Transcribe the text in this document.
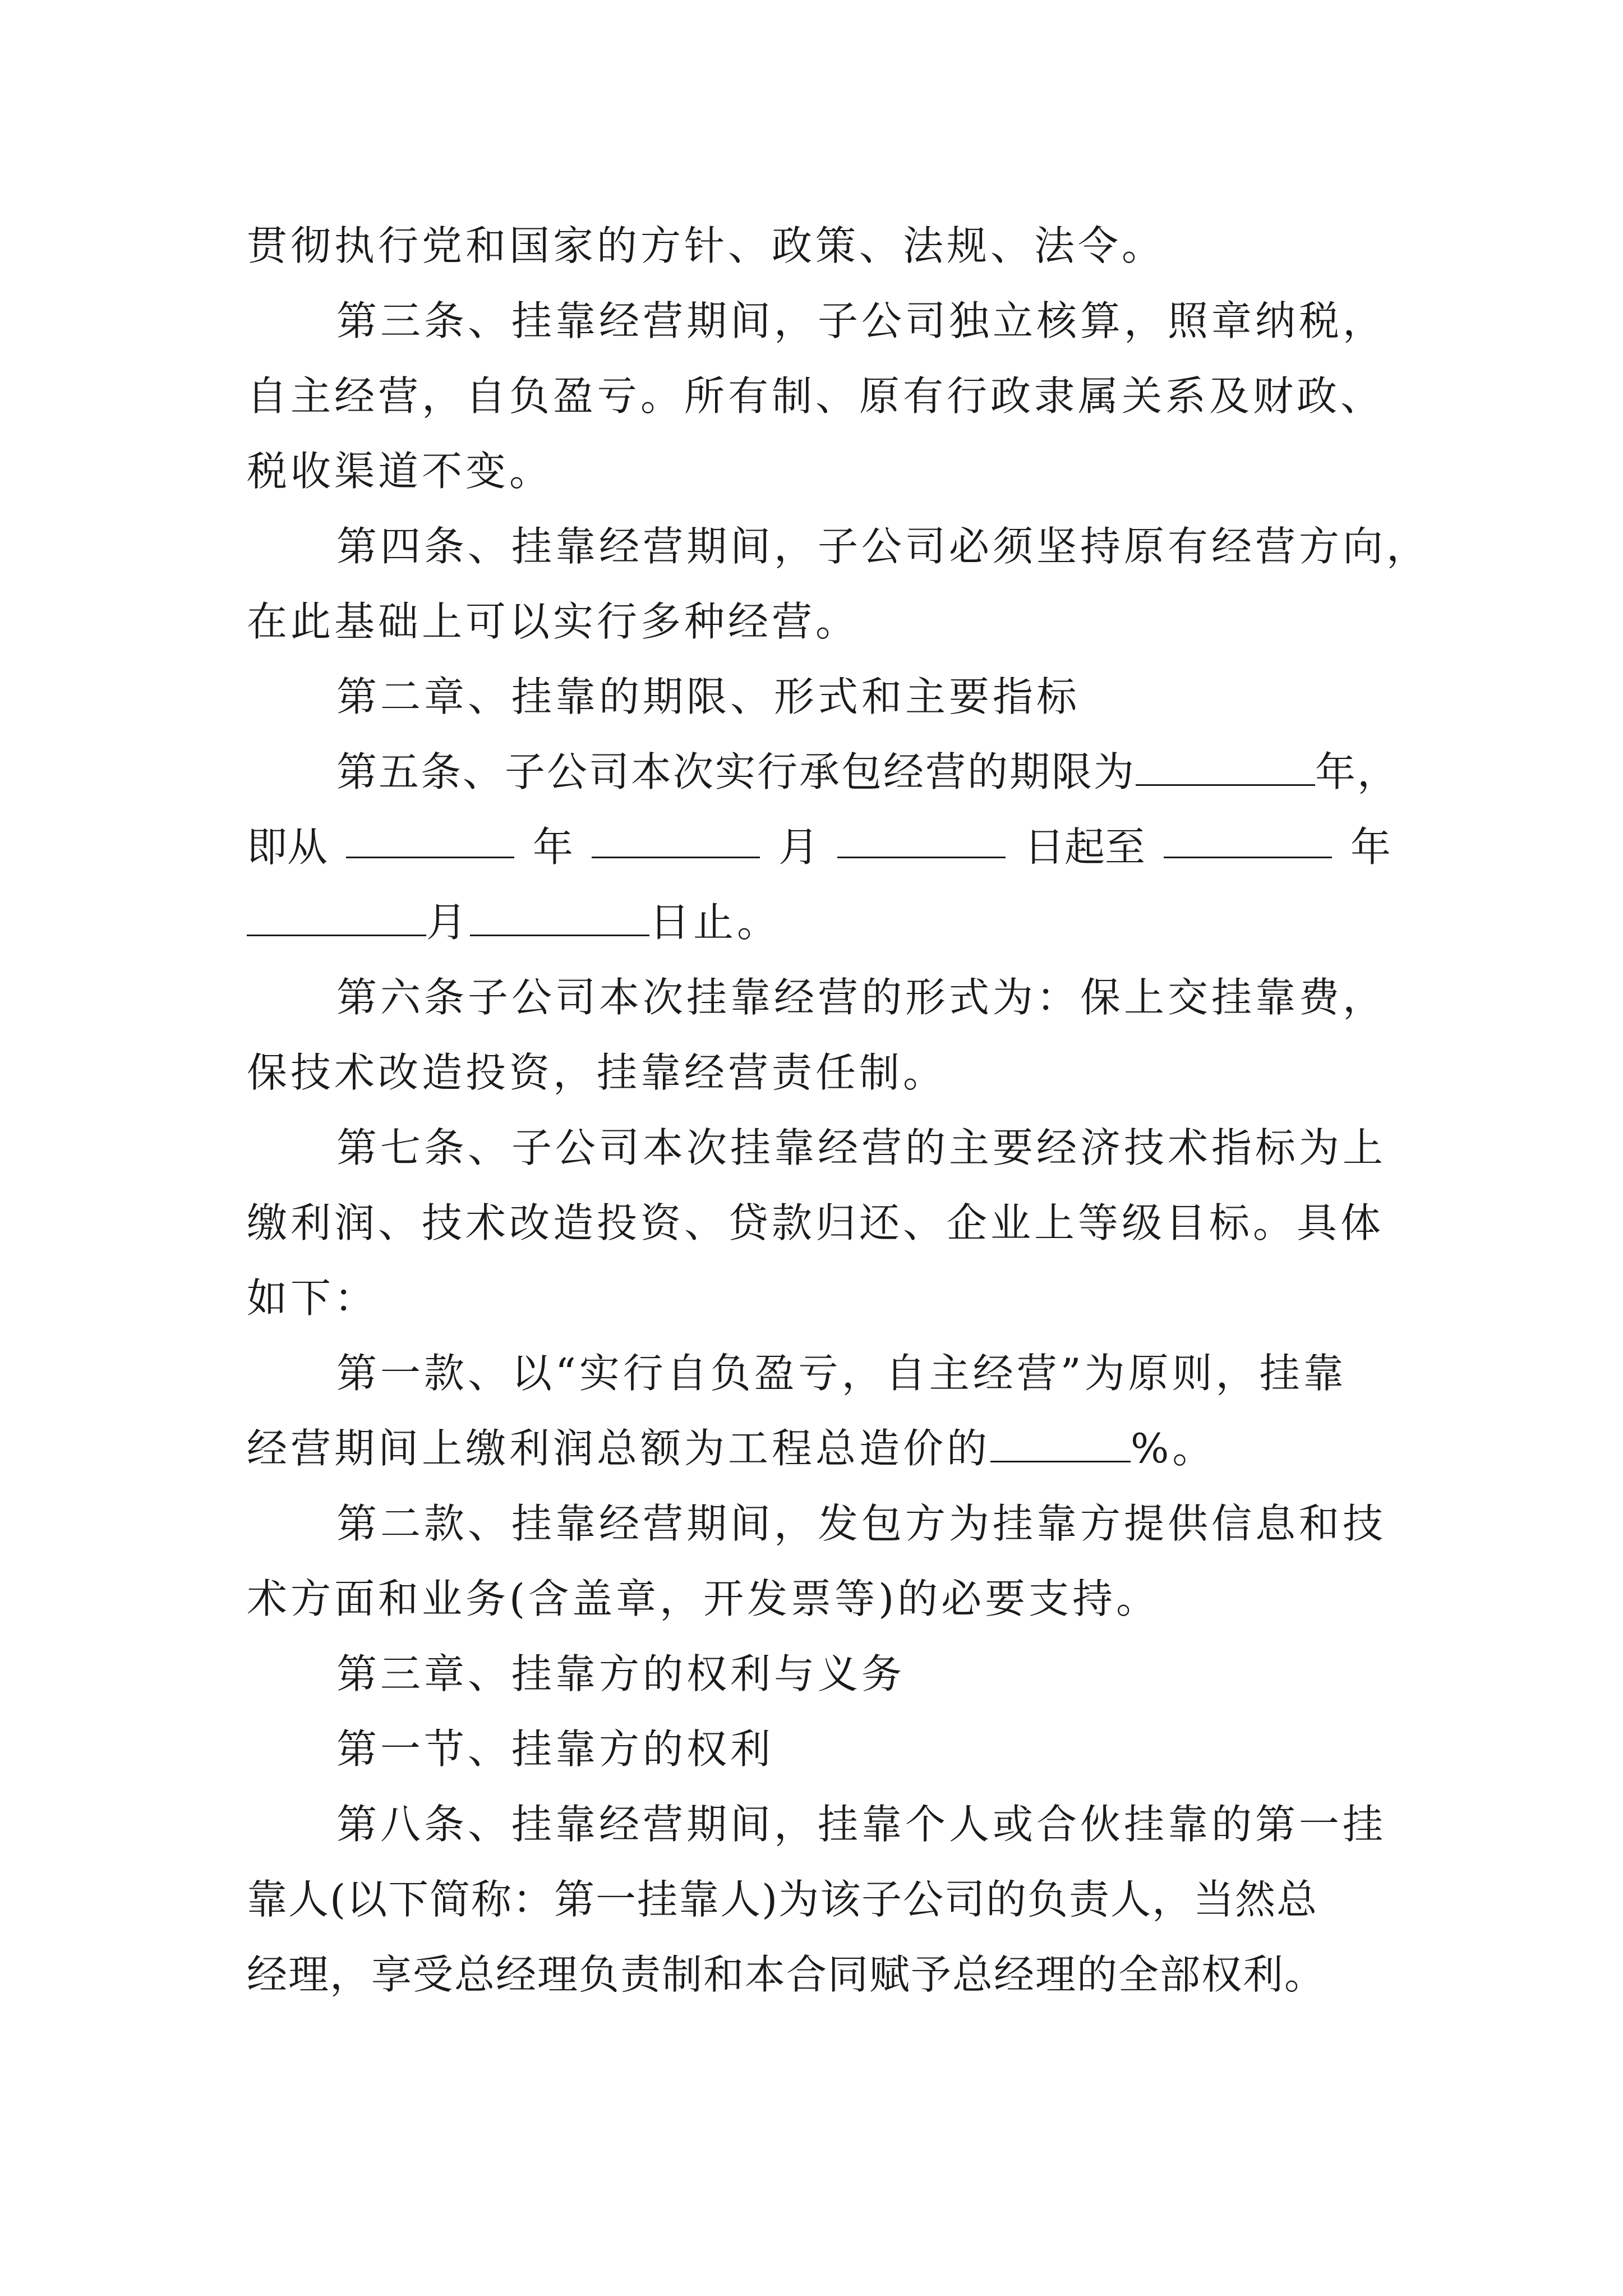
贯彻执行党和国家的方针、政策、法规、法令。
第三条、挂靠经营期间，子公司独立核算，照章纳税，
自主经营，自负盈亏。所有制、原有行政隶属关系及财政、
税收渠道不变。
第四条、挂靠经营期间，子公司必须坚持原有经营方向，
在此基础上可以实行多种经营。
第二章、挂靠的期限、形式和主要指标
第五条、子公司本次实行承包经营的期限为	年，
即从	年	月	日起至	年
月	日止。
第六条子公司本次挂靠经营的形式为：保上交挂靠费，
保技术改造投资，挂靠经营责任制。
第七条、子公司本次挂靠经营的主要经济技术指标为上
缴利润、技术改造投资、贷款归还、企业上等级目标。具体
如下：
第一款、以“实行自负盈亏，自主经营”为原则，挂靠
经营期间上缴利润总额为工程总造价的	%。
第二款、挂靠经营期间，发包方为挂靠方提供信息和技
术方面和业务(含盖章，开发票等)的必要支持。
第三章、挂靠方的权利与义务
第一节、挂靠方的权利
第八条、挂靠经营期间，挂靠个人或合伙挂靠的第一挂
靠人(以下简称：第一挂靠人)为该子公司的负责人，当然总
经理，享受总经理负责制和本合同赋予总经理的全部权利。
